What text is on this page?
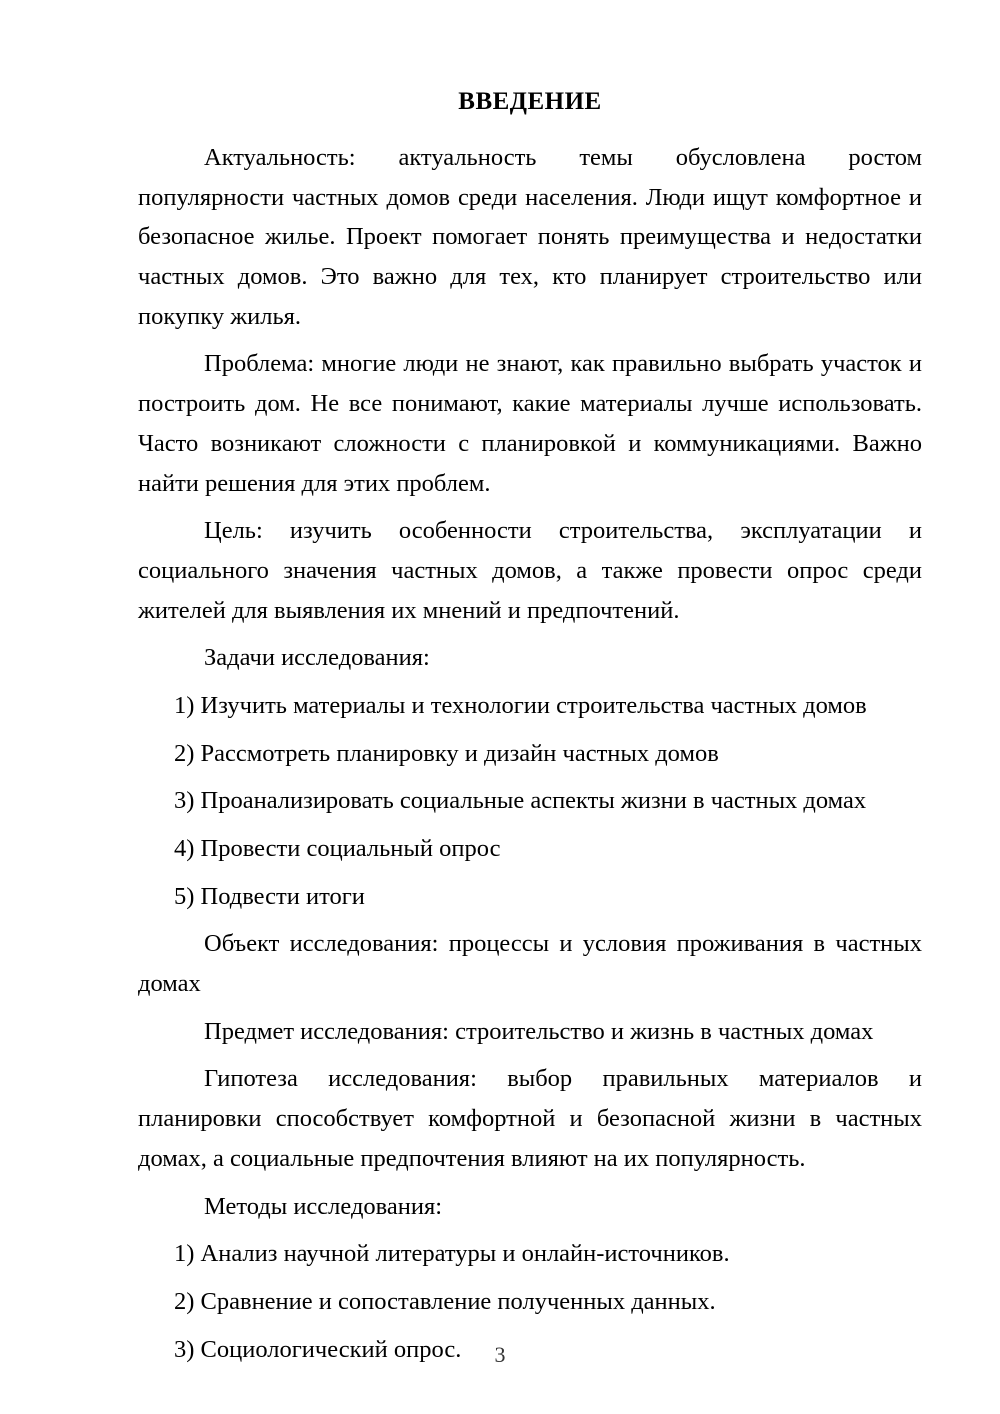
ВВЕДЕНИЕ

Актуальность: актуальность темы обусловлена ростом популярности частных домов среди населения. Люди ищут комфортное и безопасное жилье. Проект помогает понять преимущества и недостатки частных домов. Это важно для тех, кто планирует строительство или покупку жилья.

Проблема: многие люди не знают, как правильно выбрать участок и построить дом. Не все понимают, какие материалы лучше использовать. Часто возникают сложности с планировкой и коммуникациями. Важно найти решения для этих проблем.

Цель: изучить особенности строительства, эксплуатации и социального значения частных домов, а также провести опрос среди жителей для выявления их мнений и предпочтений.

Задачи исследования:

1) Изучить материалы и технологии строительства частных домов

2) Рассмотреть планировку и дизайн частных домов

3) Проанализировать социальные аспекты жизни в частных домах

4) Провести социальный опрос

5) Подвести итоги

Объект исследования: процессы и условия проживания в частных домах

Предмет исследования: строительство и жизнь в частных домах

Гипотеза исследования: выбор правильных материалов и планировки способствует комфортной и безопасной жизни в частных домах, а социальные предпочтения влияют на их популярность.

Методы исследования:

1) Анализ научной литературы и онлайн-источников.

2) Сравнение и сопоставление полученных данных.

3) Социологический опрос.	3
